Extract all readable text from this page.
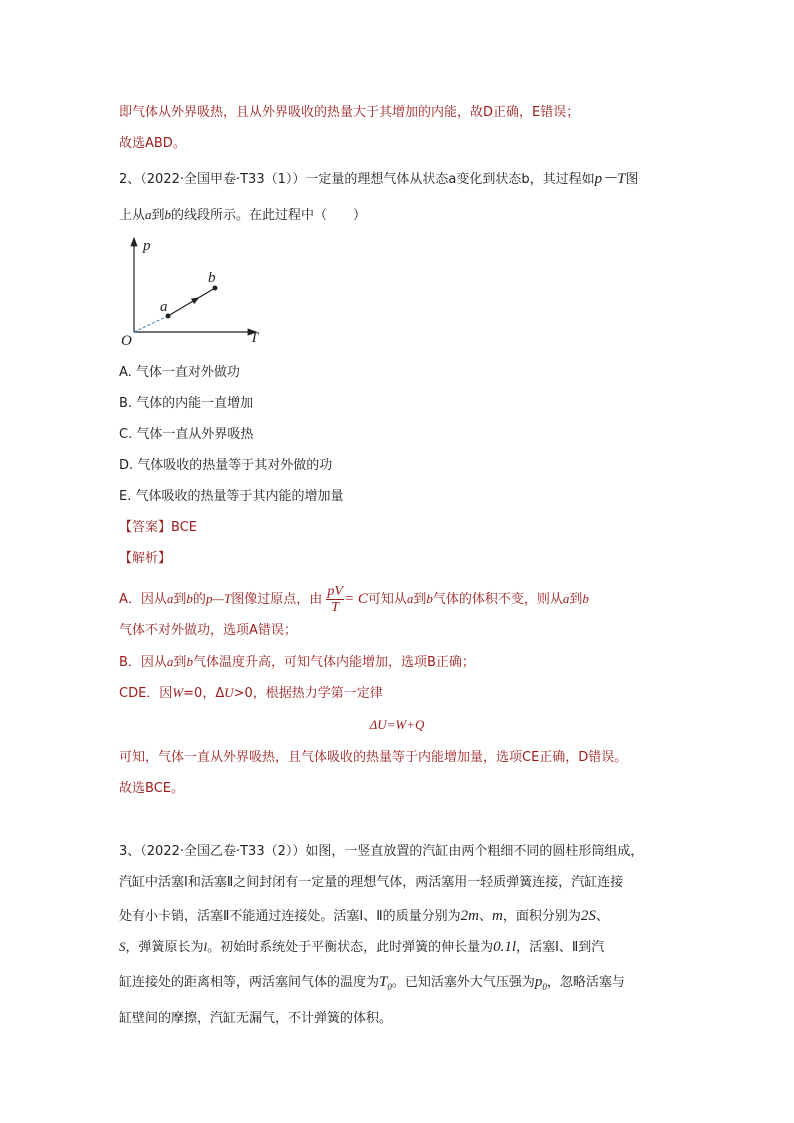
即气体从外界吸热，且从外界吸收的热量大于其增加的内能，故D正确，E错误；
故选ABD。
2、（2022·全国甲卷·T33（1））一定量的理想气体从状态a变化到状态b，其过程如p－T图
上从a到b的线段所示。在此过程中（　　）
p
T
O
a
b
A. 气体一直对外做功
B. 气体的内能一直增加
C. 气体一直从外界吸热
D. 气体吸收的热量等于其对外做的功
E. 气体吸收的热量等于其内能的增加量
【答案】BCE
【解析】
A．因从a到b的p—T图像过原点，由 $\frac{pV}{T} = C$可知从a到b气体的体积不变，则从a到b
气体不对外做功，选项A错误；
B．因从a到b气体温度升高，可知气体内能增加，选项B正确；
CDE．因W=0，ΔU>0，根据热力学第一定律
ΔU=W+Q
可知，气体一直从外界吸热，且气体吸收的热量等于内能增加量，选项CE正确，D错误。
故选BCE。
3、（2022·全国乙卷·T33（2））如图，一竖直放置的汽缸由两个粗细不同的圆柱形筒组成，
汽缸中活塞Ⅰ和活塞Ⅱ之间封闭有一定量的理想气体，两活塞用一轻质弹簧连接，汽缸连接
处有小卡销，活塞Ⅱ不能通过连接处。活塞Ⅰ、Ⅱ的质量分别为2m、m，面积分别为2S、
S，弹簧原长为l。初始时系统处于平衡状态，此时弹簧的伸长量为0.1l，活塞Ⅰ、Ⅱ到汽
缸连接处的距离相等，两活塞间气体的温度为$T_0$。已知活塞外大气压强为$p_0$，忽略活塞与
缸壁间的摩擦，汽缸无漏气，不计弹簧的体积。
